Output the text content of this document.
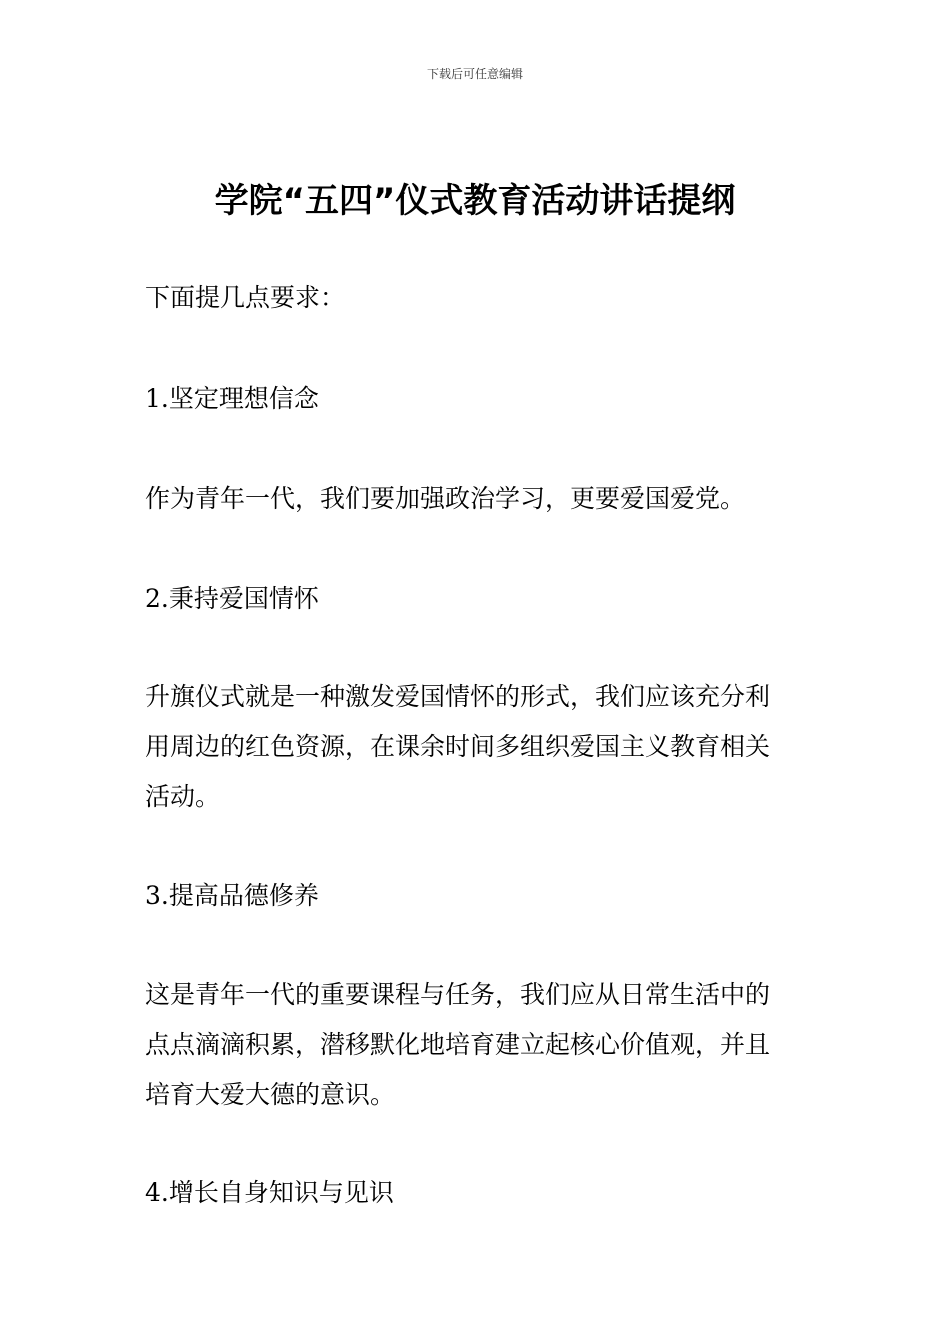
下载后可任意编辑
学院“五四”仪式教育活动讲话提纲

下面提几点要求：

1.坚定理想信念

作为青年一代，我们要加强政治学习，更要爱国爱党。

2.秉持爱国情怀

升旗仪式就是一种激发爱国情怀的形式，我们应该充分利
用周边的红色资源，在课余时间多组织爱国主义教育相关
活动。

3.提高品德修养

这是青年一代的重要课程与任务，我们应从日常生活中的
点点滴滴积累，潜移默化地培育建立起核心价值观，并且
培育大爱大德的意识。

4.增长自身知识与见识
